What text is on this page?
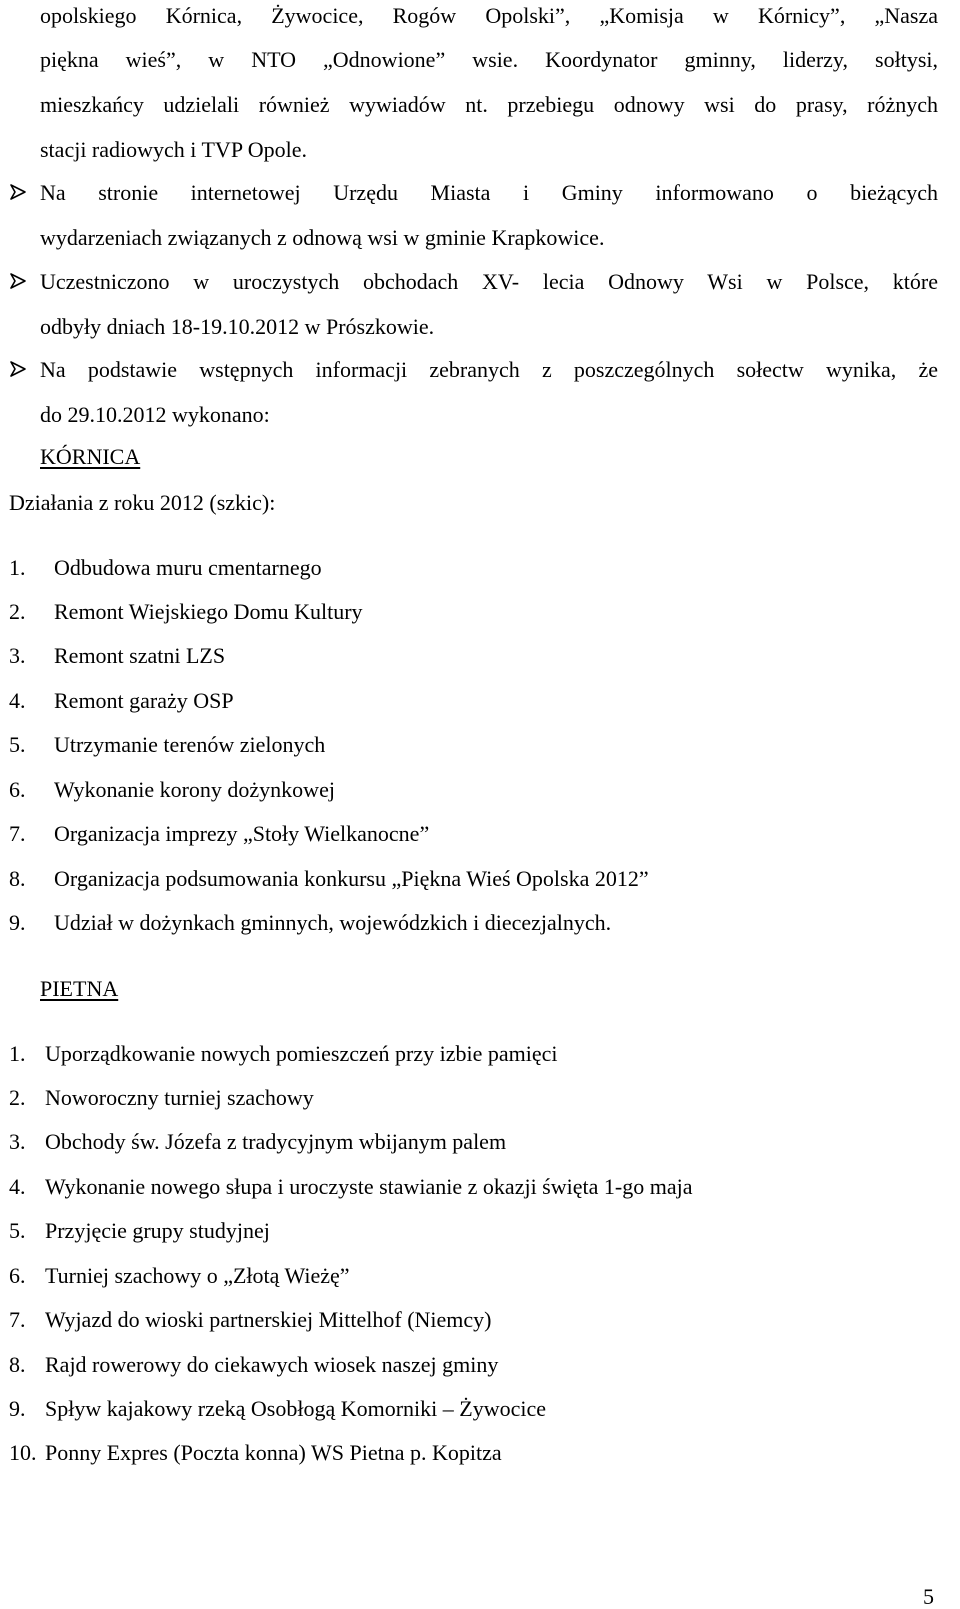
opolskiego Kórnica, Żywocice, Rogów Opolski”, „Komisja w Kórnicy”, „Nasza
piękna wieś”, w NTO „Odnowione” wsie. Koordynator gminny, liderzy, sołtysi,
mieszkańcy udzielali również wywiadów nt. przebiegu odnowy wsi do prasy, różnych
stacji radiowych i TVP Opole.
Na stronie internetowej Urzędu Miasta i Gminy informowano o bieżących
wydarzeniach związanych z odnową wsi w gminie Krapkowice.
Uczestniczono w uroczystych obchodach XV- lecia Odnowy Wsi w Polsce, które
odbyły dniach 18-19.10.2012 w Prószkowie.
Na podstawie wstępnych informacji zebranych z poszczególnych sołectw wynika, że
do 29.10.2012 wykonano:
KÓRNICA
Działania z roku 2012 (szkic):
1. Odbudowa muru cmentarnego
2. Remont Wiejskiego Domu Kultury
3. Remont szatni LZS
4. Remont garaży OSP
5. Utrzymanie terenów zielonych
6. Wykonanie korony dożynkowej
7. Organizacja imprezy „Stoły Wielkanocne”
8. Organizacja podsumowania konkursu „Piękna Wieś Opolska 2012”
9. Udział w dożynkach gminnych, wojewódzkich i diecezjalnych.
PIETNA
1. Uporządkowanie nowych pomieszczeń przy izbie pamięci
2. Noworoczny turniej szachowy
3. Obchody św. Józefa z tradycyjnym wbijanym palem
4. Wykonanie nowego słupa i uroczyste stawianie z okazji święta 1-go maja
5. Przyjęcie grupy studyjnej
6. Turniej szachowy o „Złotą Wieżę”
7. Wyjazd do wioski partnerskiej Mittelhof (Niemcy)
8. Rajd rowerowy do ciekawych wiosek naszej gminy
9. Spływ kajakowy rzeką Osobłogą Komorniki – Żywocice
10. Ponny Expres (Poczta konna) WS Pietna p. Kopitza
5
